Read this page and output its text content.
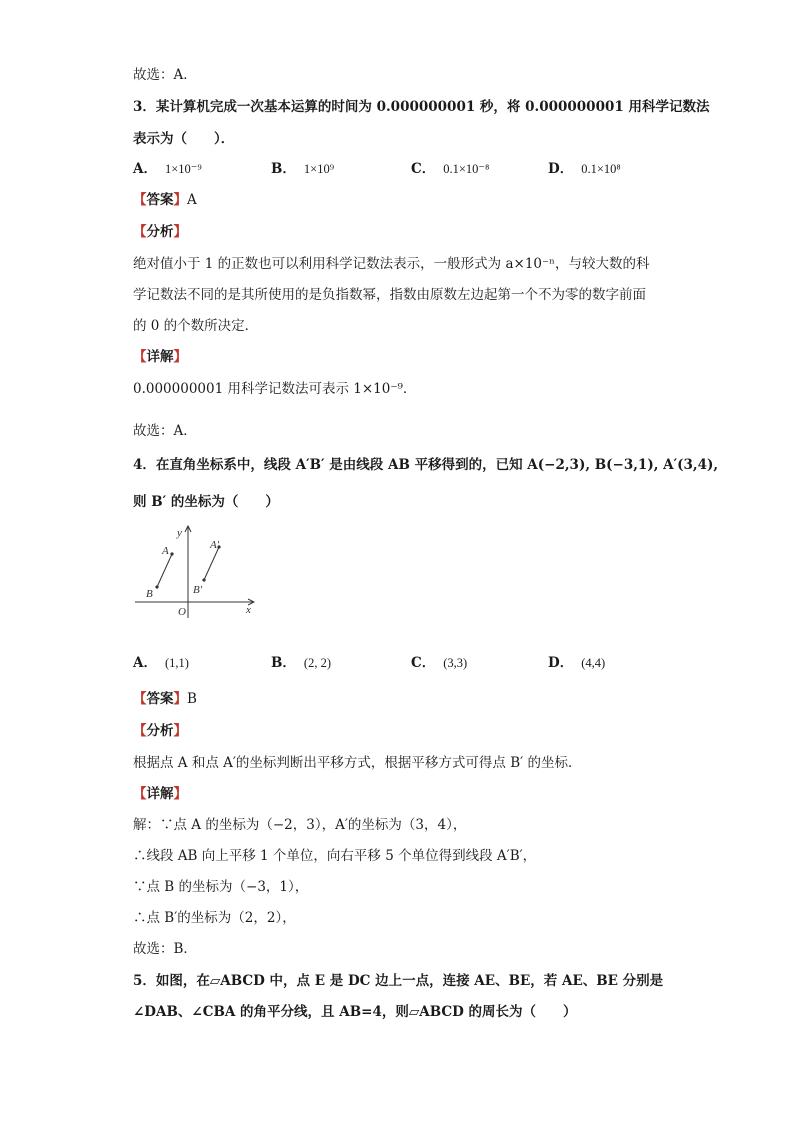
故选：A．
3．某计算机完成一次基本运算的时间为 0.000000001 秒，将 0.000000001 用科学记数法
表示为（　　）．
A． 1×10⁻⁹	B． 1×10⁹	C． 0.1×10⁻⁸	D． 0.1×10⁸
【答案】A
【分析】
绝对值小于 1 的正数也可以利用科学记数法表示，一般形式为 a×10⁻ⁿ，与较大数的科
学记数法不同的是其所使用的是负指数幂，指数由原数左边起第一个不为零的数字前面
的 0 的个数所决定．
【详解】
0.000000001 用科学记数法可表示 1×10⁻⁹．
故选：A．
4．在直角坐标系中，线段 A′B′ 是由线段 AB 平移得到的，已知 A(−2,3), B(−3,1), A′(3,4),
则 B′ 的坐标为（　　）
y
x
O
A
B
A'
B'
A． (1,1)	B． (2, 2)	C． (3,3)	D． (4,4)
【答案】B
【分析】
根据点 A 和点 A′的坐标判断出平移方式，根据平移方式可得点 B′ 的坐标．
【详解】
解：∵点 A 的坐标为（−2，3），A′的坐标为（3，4），
∴线段 AB 向上平移 1 个单位，向右平移 5 个单位得到线段 A′B′，
∵点 B 的坐标为（−3，1），
∴点 B′的坐标为（2，2），
故选：B．
5．如图，在▱ABCD 中，点 E 是 DC 边上一点，连接 AE、BE，若 AE、BE 分别是
∠DAB、∠CBA 的角平分线，且 AB=4，则▱ABCD 的周长为（　　）
